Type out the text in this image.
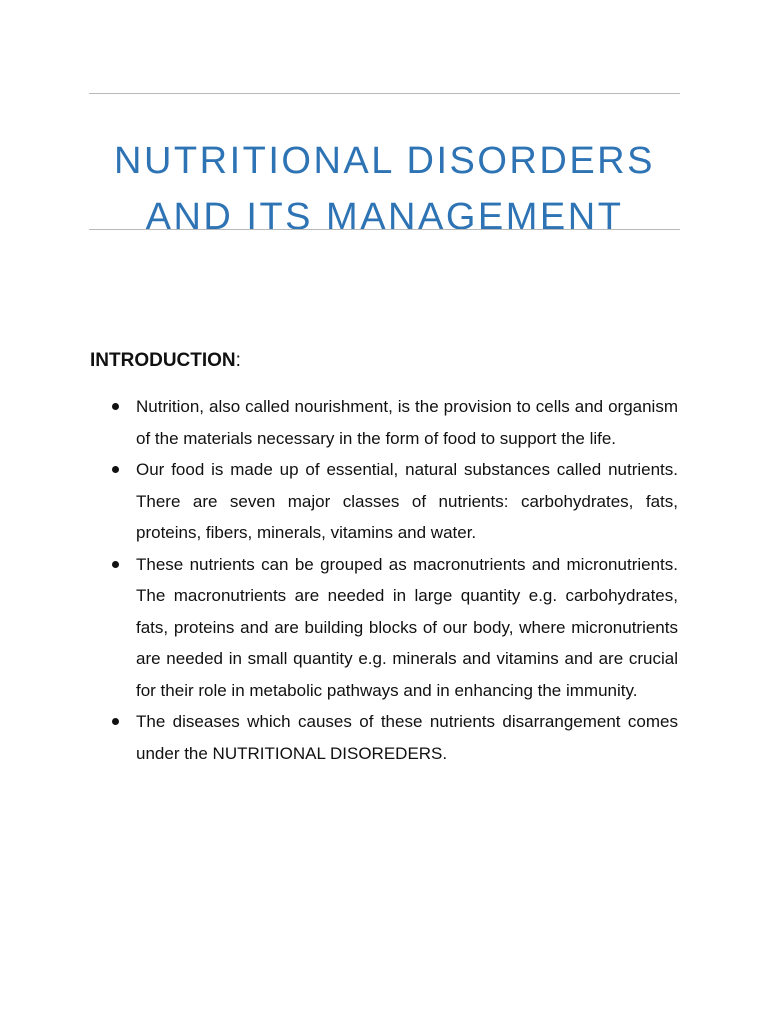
NUTRITIONAL DISORDERS
AND ITS MANAGEMENT
INTRODUCTION:
Nutrition, also called nourishment, is the provision to cells and organism of the materials necessary in the form of food to support the life.
Our food is made up of essential, natural substances called nutrients. There are seven major classes of nutrients: carbohydrates, fats, proteins, fibers, minerals, vitamins and water.
These nutrients can be grouped as macronutrients and micronutrients. The macronutrients are needed in large quantity e.g. carbohydrates, fats, proteins and are building blocks of our body, where micronutrients are needed in small quantity e.g. minerals and vitamins and are crucial for their role in metabolic pathways and in enhancing the immunity.
The diseases which causes of these nutrients disarrangement comes under the NUTRITIONAL DISOREDERS.
